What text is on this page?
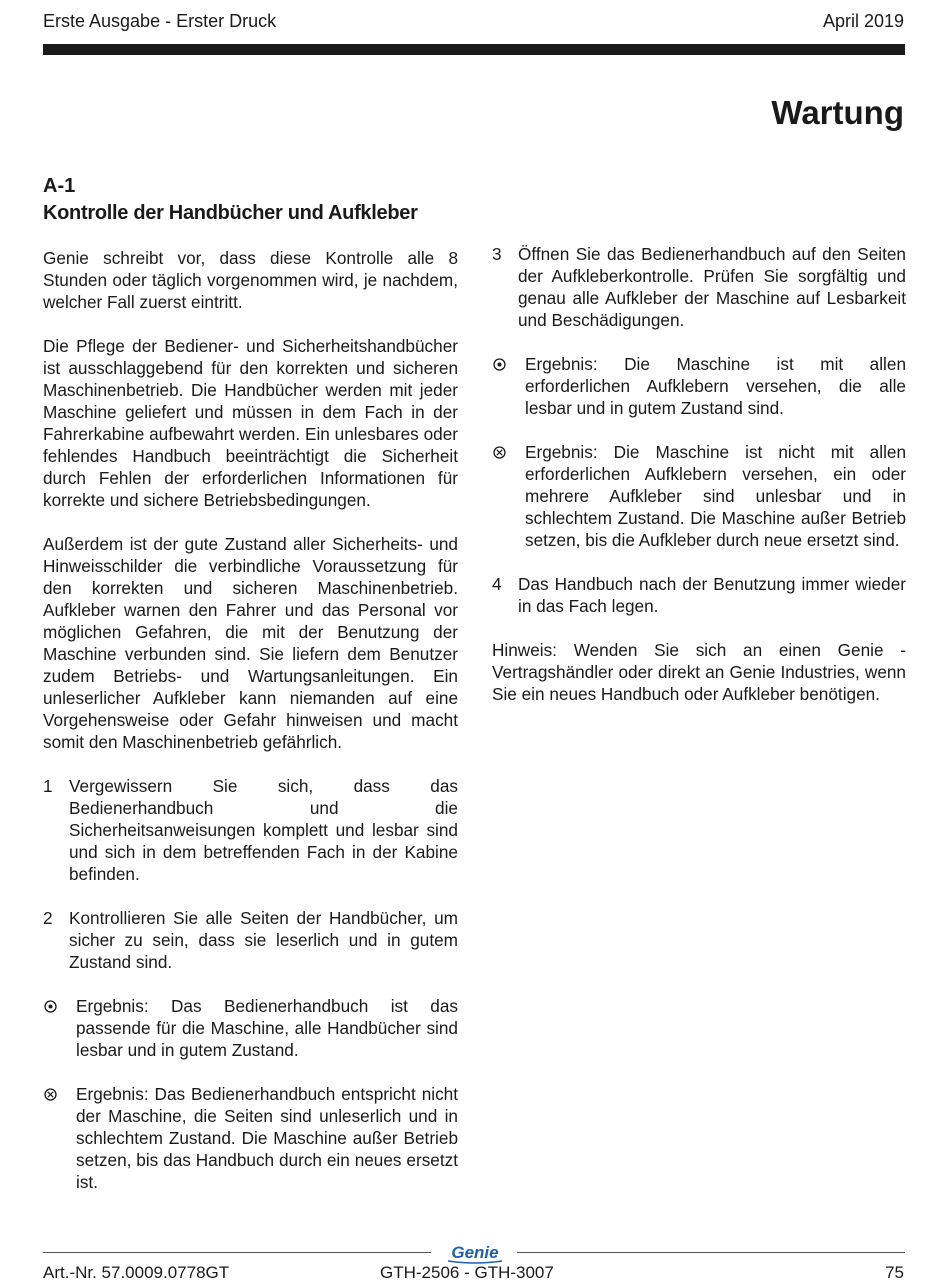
Erste Ausgabe - Erster Druck	April 2019
Wartung
A-1
Kontrolle der Handbücher und Aufkleber

Genie schreibt vor, dass diese Kontrolle alle 8 Stunden oder täglich vorgenommen wird, je nachdem, welcher Fall zuerst eintritt.

Die Pflege der Bediener- und Sicherheitshandbücher ist ausschlaggebend für den korrekten und sicheren Maschinenbetrieb. Die Handbücher werden mit jeder Maschine geliefert und müssen in dem Fach in der Fahrerkabine aufbewahrt werden. Ein unlesbares oder fehlendes Handbuch beeinträchtigt die Sicherheit durch Fehlen der erforderlichen Informationen für korrekte und sichere Betriebsbedingungen.

Außerdem ist der gute Zustand aller Sicherheits- und Hinweisschilder die verbindliche Voraussetzung für den korrekten und sicheren Maschinenbetrieb. Aufkleber warnen den Fahrer und das Personal vor möglichen Gefahren, die mit der Benutzung der Maschine verbunden sind. Sie liefern dem Benutzer zudem Betriebs- und Wartungsanleitungen. Ein unleserlicher Aufkleber kann niemanden auf eine Vorgehensweise oder Gefahr hinweisen und macht somit den Maschinenbetrieb gefährlich.

1 Vergewissern Sie sich, dass das Bedienerhandbuch und die Sicherheitsanweisungen komplett und lesbar sind und sich in dem betreffenden Fach in der Kabine befinden.
2 Kontrollieren Sie alle Seiten der Handbücher, um sicher zu sein, dass sie leserlich und in gutem Zustand sind.
Ergebnis: Das Bedienerhandbuch ist das passende für die Maschine, alle Handbücher sind lesbar und in gutem Zustand.
Ergebnis: Das Bedienerhandbuch entspricht nicht der Maschine, die Seiten sind unleserlich und in schlechtem Zustand. Die Maschine außer Betrieb setzen, bis das Handbuch durch ein neues ersetzt ist.
3 Öffnen Sie das Bedienerhandbuch auf den Seiten der Aufkleberkontrolle. Prüfen Sie sorgfältig und genau alle Aufkleber der Maschine auf Lesbarkeit und Beschädigungen.
Ergebnis: Die Maschine ist mit allen erforderlichen Aufklebern versehen, die alle lesbar und in gutem Zustand sind.
Ergebnis: Die Maschine ist nicht mit allen erforderlichen Aufklebern versehen, ein oder mehrere Aufkleber sind unlesbar und in schlechtem Zustand. Die Maschine außer Betrieb setzen, bis die Aufkleber durch neue ersetzt sind.
4 Das Handbuch nach der Benutzung immer wieder in das Fach legen.

Hinweis: Wenden Sie sich an einen Genie - Vertragshändler oder direkt an Genie Industries, wenn Sie ein neues Handbuch oder Aufkleber benötigen.

Genie
Art.-Nr. 57.0009.0778GT	GTH-2506 - GTH-3007	75
